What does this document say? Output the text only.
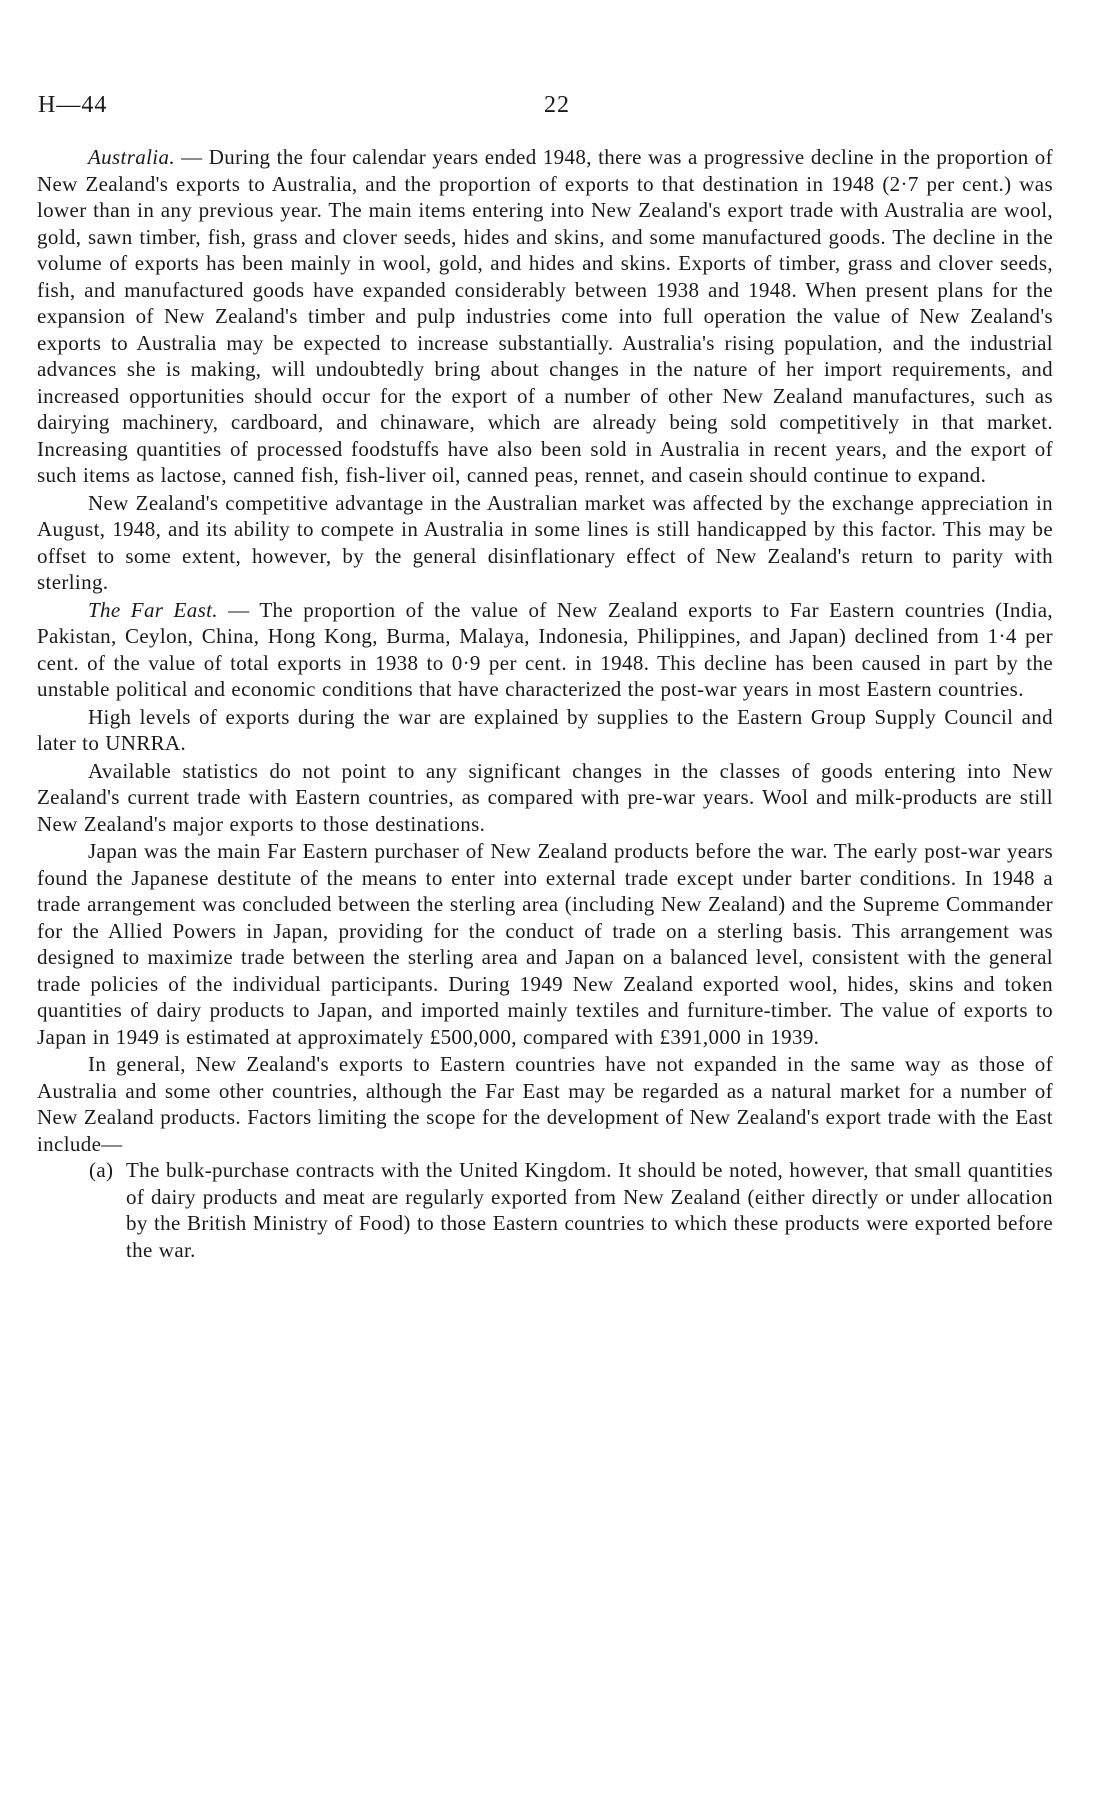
H—44	22

Australia. — During the four calendar years ended 1948, there was a progressive decline in the proportion of New Zealand's exports to Australia, and the proportion of exports to that destination in 1948 (2·7 per cent.) was lower than in any previous year. The main items entering into New Zealand's export trade with Australia are wool, gold, sawn timber, fish, grass and clover seeds, hides and skins, and some manufactured goods. The decline in the volume of exports has been mainly in wool, gold, and hides and skins. Exports of timber, grass and clover seeds, fish, and manufactured goods have expanded considerably between 1938 and 1948. When present plans for the expansion of New Zealand's timber and pulp industries come into full operation the value of New Zealand's exports to Australia may be expected to increase substantially. Australia's rising population, and the industrial advances she is making, will undoubtedly bring about changes in the nature of her import requirements, and increased opportunities should occur for the export of a number of other New Zealand manufactures, such as dairying machinery, cardboard, and chinaware, which are already being sold competitively in that market. Increasing quantities of processed foodstuffs have also been sold in Australia in recent years, and the export of such items as lactose, canned fish, fish-liver oil, canned peas, rennet, and casein should continue to expand.

New Zealand's competitive advantage in the Australian market was affected by the exchange appreciation in August, 1948, and its ability to compete in Australia in some lines is still handicapped by this factor. This may be offset to some extent, however, by the general disinflationary effect of New Zealand's return to parity with sterling.

The Far East. — The proportion of the value of New Zealand exports to Far Eastern countries (India, Pakistan, Ceylon, China, Hong Kong, Burma, Malaya, Indonesia, Philippines, and Japan) declined from 1·4 per cent. of the value of total exports in 1938 to 0·9 per cent. in 1948. This decline has been caused in part by the unstable political and economic conditions that have characterized the post-war years in most Eastern countries.

High levels of exports during the war are explained by supplies to the Eastern Group Supply Council and later to UNRRA.

Available statistics do not point to any significant changes in the classes of goods entering into New Zealand's current trade with Eastern countries, as compared with pre-war years. Wool and milk-products are still New Zealand's major exports to those destinations.

Japan was the main Far Eastern purchaser of New Zealand products before the war. The early post-war years found the Japanese destitute of the means to enter into external trade except under barter conditions. In 1948 a trade arrangement was concluded between the sterling area (including New Zealand) and the Supreme Commander for the Allied Powers in Japan, providing for the conduct of trade on a sterling basis. This arrangement was designed to maximize trade between the sterling area and Japan on a balanced level, consistent with the general trade policies of the individual participants. During 1949 New Zealand exported wool, hides, skins and token quantities of dairy products to Japan, and imported mainly textiles and furniture-timber. The value of exports to Japan in 1949 is estimated at approximately £500,000, compared with £391,000 in 1939.

In general, New Zealand's exports to Eastern countries have not expanded in the same way as those of Australia and some other countries, although the Far East may be regarded as a natural market for a number of New Zealand products. Factors limiting the scope for the development of New Zealand's export trade with the East include—

(a) The bulk-purchase contracts with the United Kingdom. It should be noted, however, that small quantities of dairy products and meat are regularly exported from New Zealand (either directly or under allocation by the British Ministry of Food) to those Eastern countries to which these products were exported before the war.
